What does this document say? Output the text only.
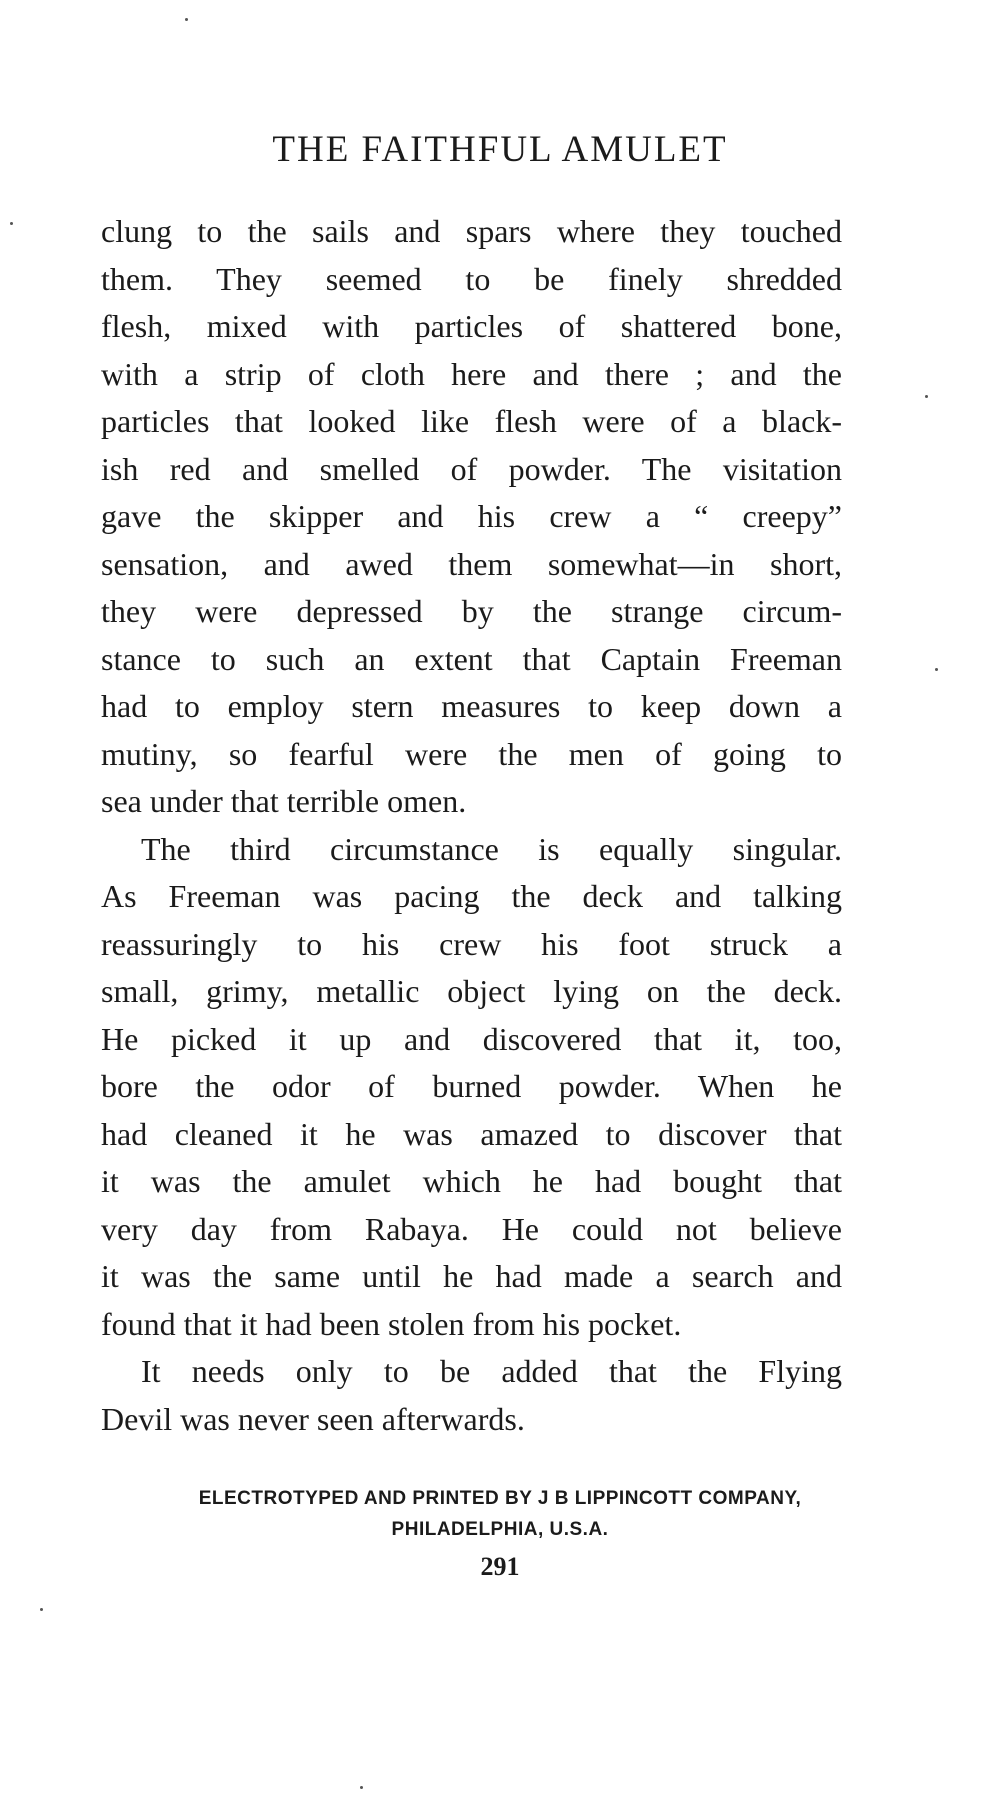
THE FAITHFUL AMULET
clung to the sails and spars where they touched
them. They seemed to be finely shredded
flesh, mixed with particles of shattered bone,
with a strip of cloth here and there ; and the
particles that looked like flesh were of a black-
ish red and smelled of powder. The visitation
gave the skipper and his crew a “ creepy”
sensation, and awed them somewhat—in short,
they were depressed by the strange circum-
stance to such an extent that Captain Freeman
had to employ stern measures to keep down a
mutiny, so fearful were the men of going to
sea under that terrible omen.
The third circumstance is equally singular.
As Freeman was pacing the deck and talking
reassuringly to his crew his foot struck a
small, grimy, metallic object lying on the deck.
He picked it up and discovered that it, too,
bore the odor of burned powder. When he
had cleaned it he was amazed to discover that
it was the amulet which he had bought that
very day from Rabaya. He could not believe
it was the same until he had made a search and
found that it had been stolen from his pocket.
It needs only to be added that the Flying
Devil was never seen afterwards.
ELECTROTYPED AND PRINTED BY J B LIPPINCOTT COMPANY,
PHILADELPHIA, U.S.A.
291
